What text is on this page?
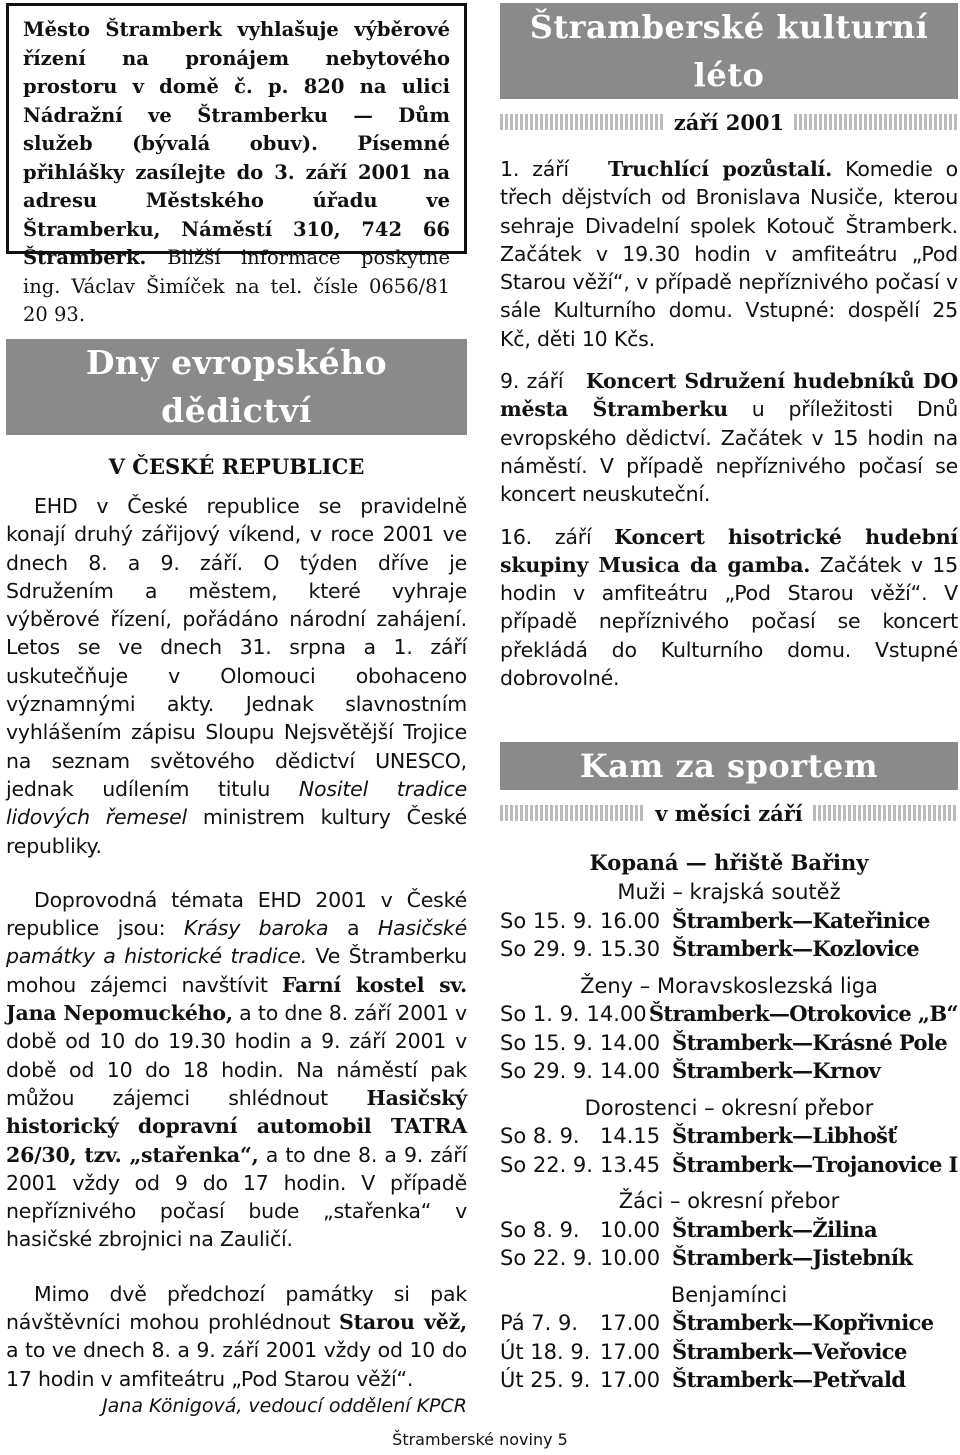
Město Štramberk vyhlašuje výběrové řízení na pronájem nebytového prostoru v domě č. p. 820 na ulici Nádražní ve Štramberku — Dům služeb (bývalá obuv). Písemné přihlášky zasílejte do 3. září 2001 na adresu Městského úřadu ve Štramberku, Náměstí 310, 742 66 Štramberk. Bližší informace poskytne ing. Václav Šimíček na tel. čísle 0656/81 20 93.
Dny evropského dědictví
V ČESKÉ REPUBLICE

EHD v České republice se pravidelně konají druhý zářijový víkend, v roce 2001 ve dnech 8. a 9. září. O týden dříve je Sdružením a městem, které vyhraje výběrové řízení, pořádáno národní zahájení. Letos se ve dnech 31. srpna a 1. září uskutečňuje v Olomouci obohaceno významnými akty. Jednak slavnostním vyhlášením zápisu Sloupu Nejsvětější Trojice na seznam světového dědictví UNESCO, jednak udílením titulu Nositel tradice lidových řemesel ministrem kultury České republiky.

Doprovodná témata EHD 2001 v České republice jsou: Krásy baroka a Hasičské památky a historické tradice. Ve Štramberku mohou zájemci navštívit Farní kostel sv. Jana Nepomuckého, a to dne 8. září 2001 v době od 10 do 19.30 hodin a 9. září 2001 v době od 10 do 18 hodin. Na náměstí pak můžou zájemci shlédnout Hasičský historický dopravní automobil TATRA 26/30, tzv. „stařenka“, a to dne 8. a 9. září 2001 vždy od 9 do 17 hodin. V případě nepříznivého počasí bude „stařenka“ v hasičské zbrojnici na Zauličí.

Mimo dvě předchozí památky si pak návštěvníci mohou prohlédnout Starou věž, a to ve dnech 8. a 9. září 2001 vždy od 10 do 17 hodin v amfiteátru „Pod Starou věží“.

Jana Königová, vedoucí oddělení KPCR
Štramberské kulturní léto
září 2001

1. září Truchlící pozůstalí. Komedie o třech dějstvích od Bronislava Nusiče, kterou sehraje Divadelní spolek Kotouč Štramberk. Začátek v 19.30 hodin v amfiteátru „Pod Starou věží“, v případě nepříznivého počasí v sále Kulturního domu. Vstupné: dospělí 25 Kč, děti 10 Kčs.

9. září Koncert Sdružení hudebníků DO města Štramberku u příležitosti Dnů evropského dědictví. Začátek v 15 hodin na náměstí. V případě nepříznivého počasí se koncert neuskuteční.

16. září Koncert hisotrické hudební skupiny Musica da gamba. Začátek v 15 hodin v amfiteátru „Pod Starou věží“. V případě nepříznivého počasí se koncert překládá do Kulturního domu. Vstupné dobrovolné.

Kam za sportem
v měsíci září
Kopaná — hřiště Bařiny
Muži – krajská soutěž
So 15. 9. 16.00 Štramberk—Kateřinice
So 29. 9. 15.30 Štramberk—Kozlovice
Ženy – Moravskoslezská liga
So 1. 9. 14.00 Štramberk—Otrokovice „B“
So 15. 9. 14.00 Štramberk—Krásné Pole
So 29. 9. 14.00 Štramberk—Krnov
Dorostenci – okresní přebor
So 8. 9. 14.15 Štramberk—Libhošť
So 22. 9. 13.45 Štramberk—Trojanovice I
Žáci – okresní přebor
So 8. 9. 10.00 Štramberk—Žilina
So 22. 9. 10.00 Štramberk—Jistebník
Benjamínci
Pá 7. 9.	17.00 Štramberk—Kopřivnice
Út 18. 9. 17.00 Štramberk—Veřovice
Út 25. 9. 17.00 Štramberk—Petřvald
Štramberské noviny 5
